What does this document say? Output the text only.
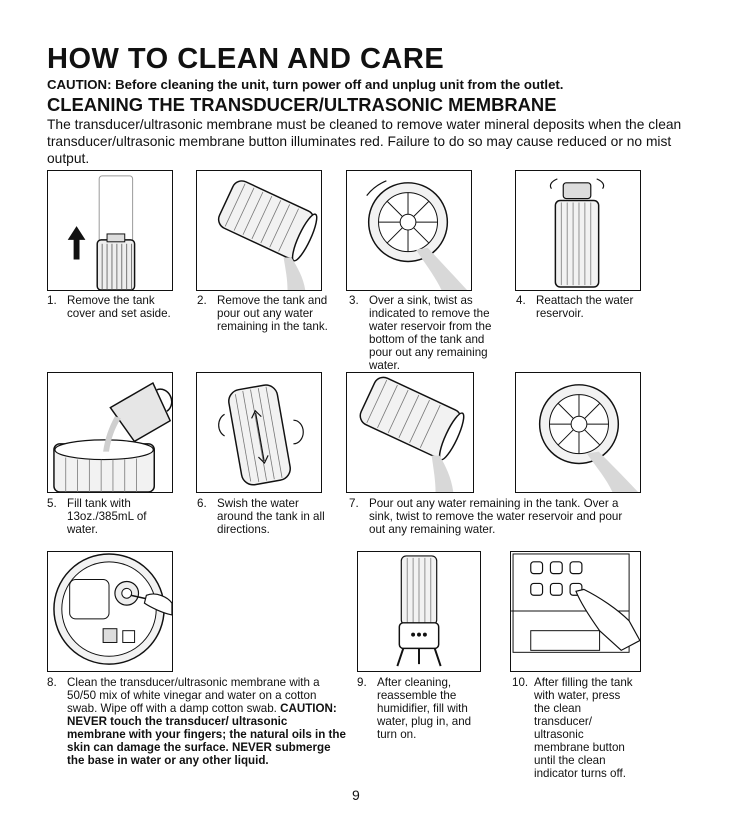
HOW TO CLEAN AND CARE
CAUTION: Before cleaning the unit, turn power off and unplug unit from the outlet.
CLEANING THE TRANSDUCER/ULTRASONIC MEMBRANE
The transducer/ultrasonic membrane must be cleaned to remove water mineral deposits when the clean transducer/ultrasonic membrane button illuminates red. Failure to do so may cause reduced or no mist output.
1. Remove the tank cover and set aside.
2. Remove the tank and pour out any water remaining in the tank.
3. Over a sink, twist as indicated to remove the water reservoir from the bottom of the tank and pour out any remaining water.
4. Reattach the water reservoir.
5. Fill tank with 13oz./385mL of water.
6. Swish the water around the tank in all directions.
7. Pour out any water remaining in the tank. Over a sink, twist to remove the water reservoir and pour out any remaining water.
8. Clean the transducer/ultrasonic membrane with a 50/50 mix of white vinegar and water on a cotton swab. Wipe off with a damp cotton swab. CAUTION: NEVER touch the transducer/ ultrasonic membrane with your fingers; the natural oils in the skin can damage the surface. NEVER submerge the base in water or any other liquid.
9. After cleaning, reassemble the humidifier, fill with water, plug in, and turn on.
10. After filling the tank with water, press the clean transducer/ ultrasonic membrane button until the clean indicator turns off.
9
